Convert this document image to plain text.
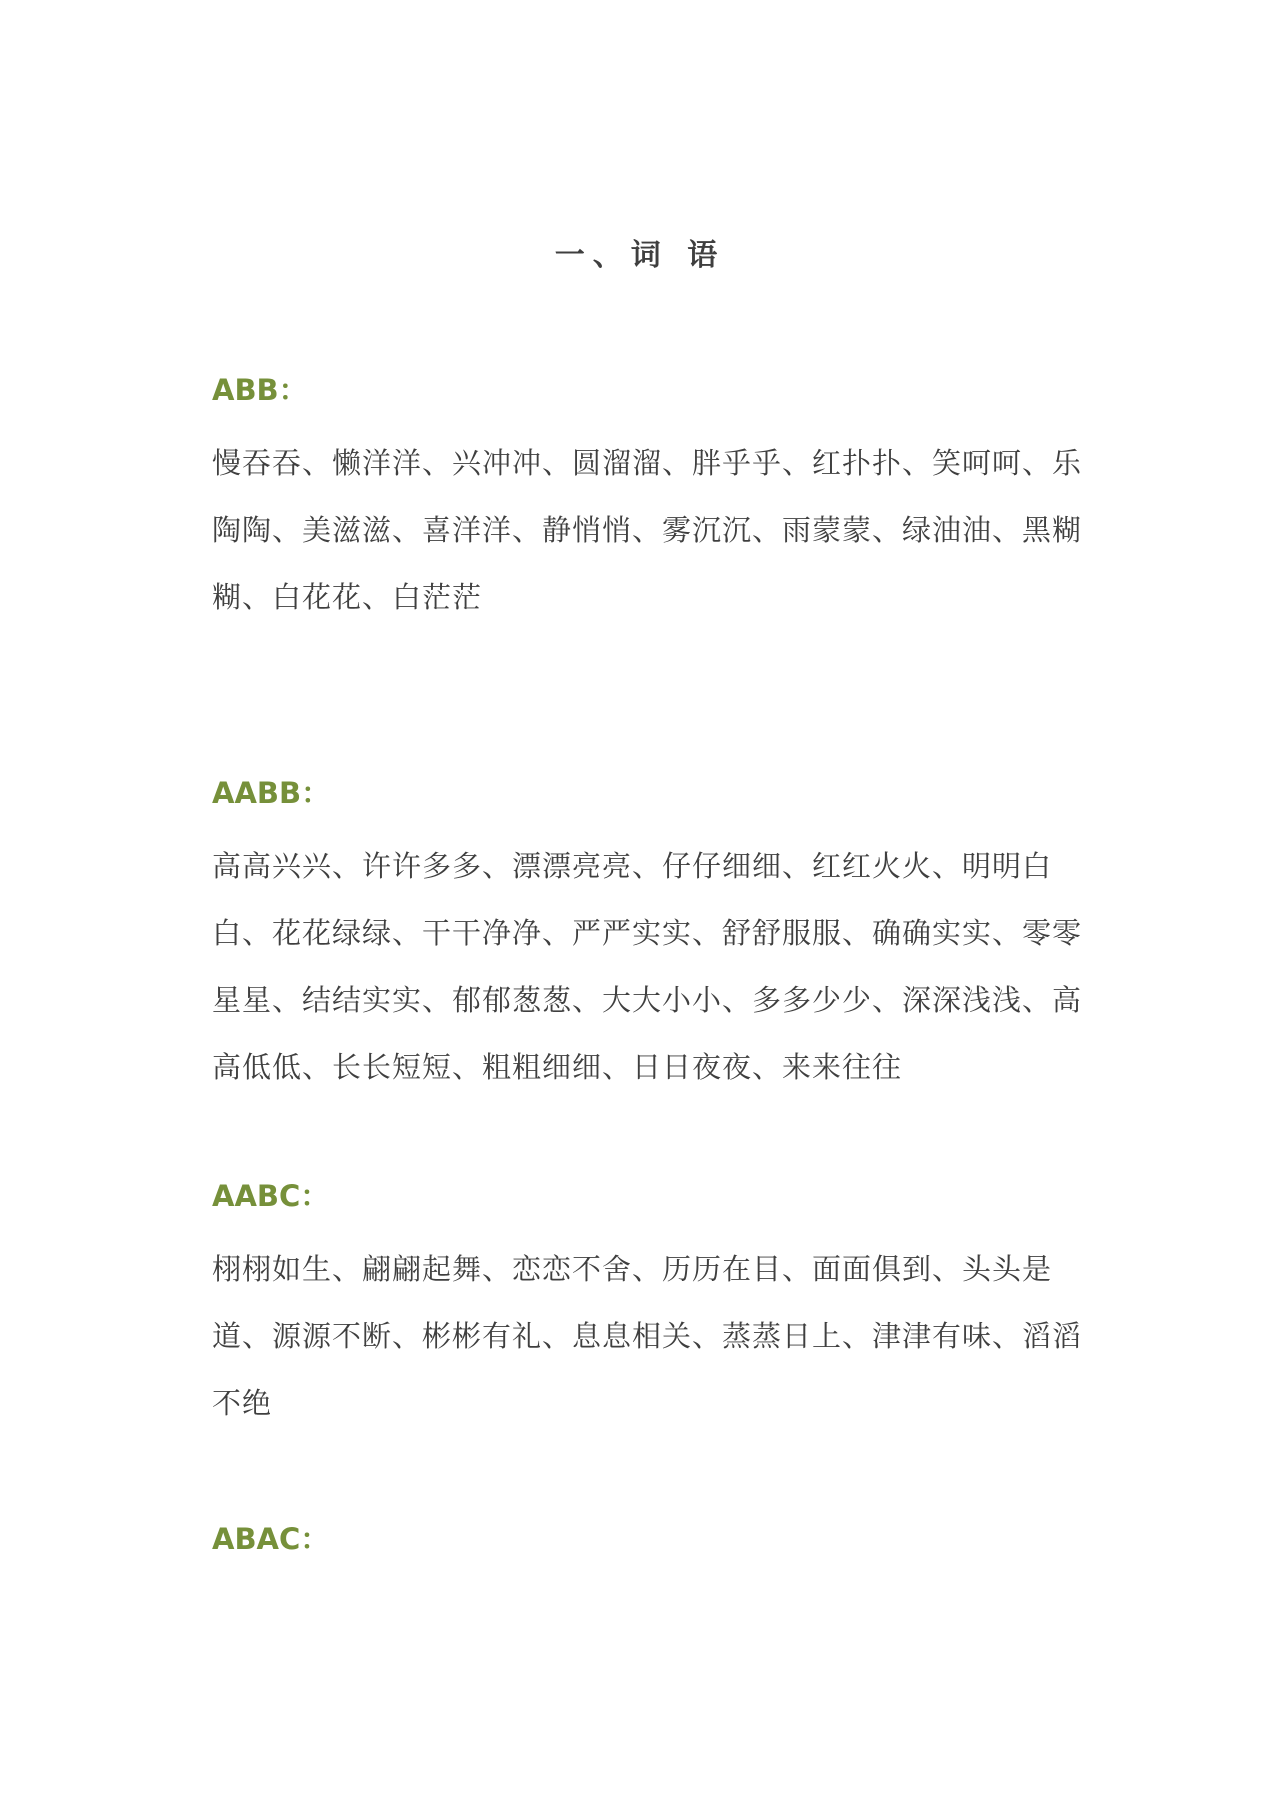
一、词 语
ABB：
慢吞吞、懒洋洋、兴冲冲、圆溜溜、胖乎乎、红扑扑、笑呵呵、乐陶陶、美滋滋、喜洋洋、静悄悄、雾沉沉、雨蒙蒙、绿油油、黑糊糊、白花花、白茫茫
AABB：
高高兴兴、许许多多、漂漂亮亮、仔仔细细、红红火火、明明白白、花花绿绿、干干净净、严严实实、舒舒服服、确确实实、零零星星、结结实实、郁郁葱葱、大大小小、多多少少、深深浅浅、高高低低、长长短短、粗粗细细、日日夜夜、来来往往
AABC：
栩栩如生、翩翩起舞、恋恋不舍、历历在目、面面俱到、头头是道、源源不断、彬彬有礼、息息相关、蒸蒸日上、津津有味、滔滔不绝
ABAC：
